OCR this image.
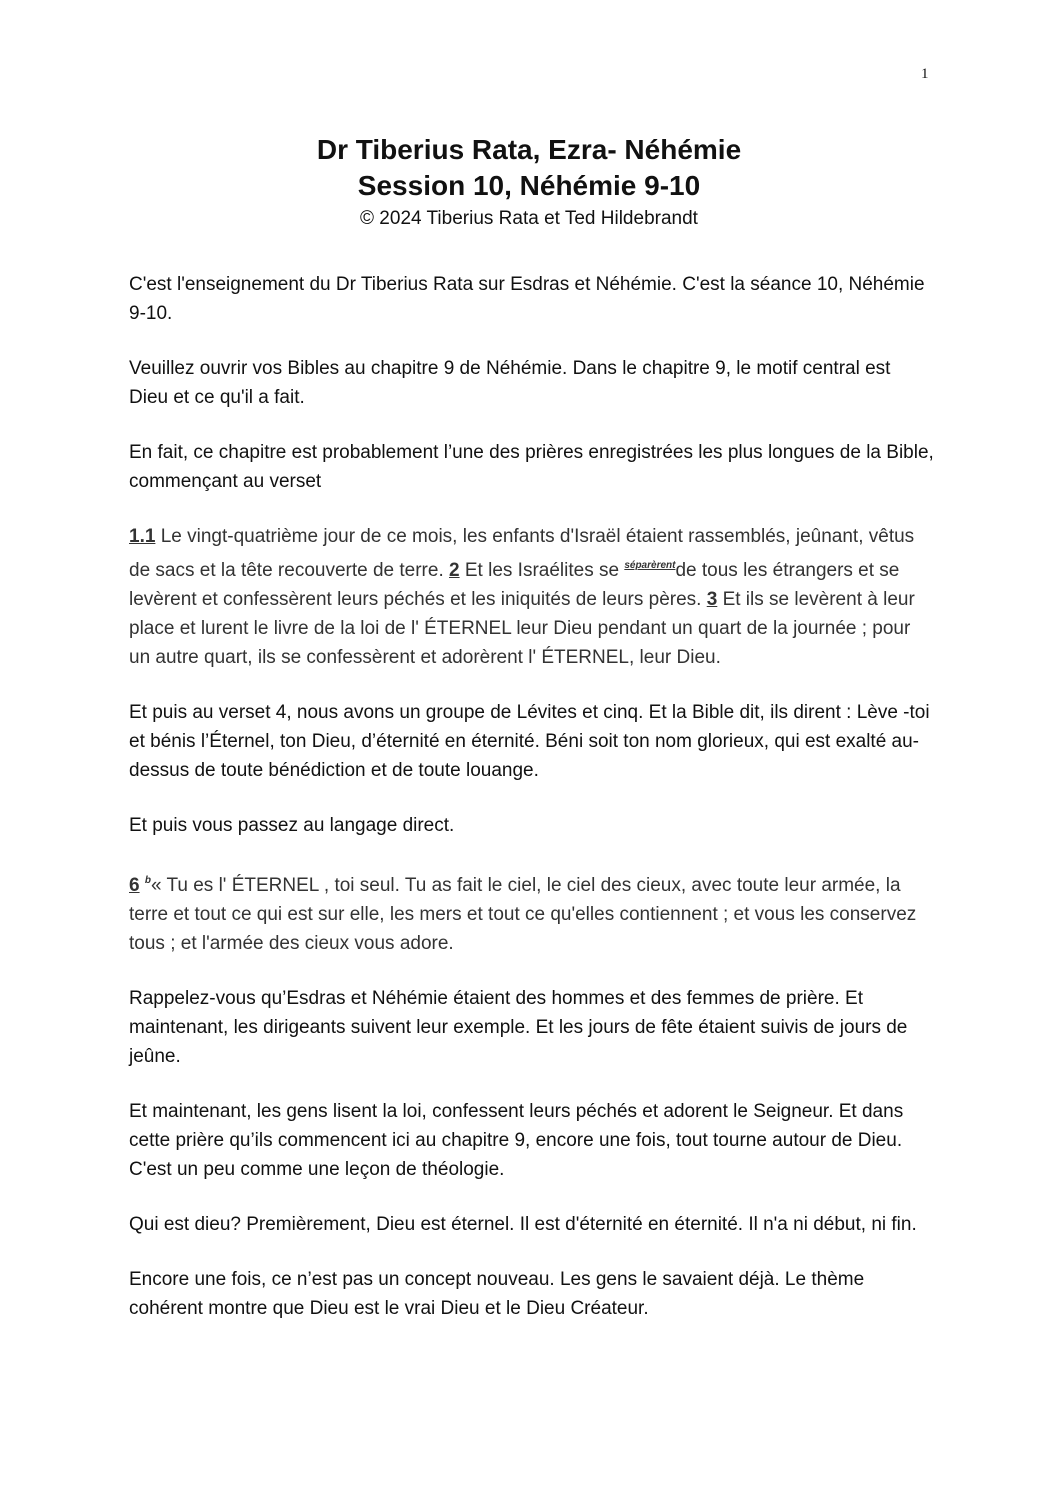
1

Dr Tiberius Rata, Ezra- Néhémie

Session 10, Néhémie 9-10

© 2024 Tiberius Rata et Ted Hildebrandt

C'est l'enseignement du Dr Tiberius Rata sur Esdras et Néhémie. C'est la séance 10, Néhémie 9-10.

Veuillez ouvrir vos Bibles au chapitre 9 de Néhémie. Dans le chapitre 9, le motif central est Dieu et ce qu'il a fait.

En fait, ce chapitre est probablement l’une des prières enregistrées les plus longues de la Bible, commençant au verset

1.1 Le vingt-quatrième jour de ce mois, les enfants d'Israël étaient rassemblés, jeûnant, vêtus de sacs et la tête recouverte de terre. 2 Et les Israélites se $^{séparèrent}$de tous les étrangers et se levèrent et confessèrent leurs péchés et les iniquités de leurs pères. 3 Et ils se levèrent à leur place et lurent le livre de la loi de l' ÉTERNEL leur Dieu pendant un quart de la journée ; pour un autre quart, ils se confessèrent et adorèrent l' ÉTERNEL, leur Dieu.

Et puis au verset 4, nous avons un groupe de Lévites et cinq. Et la Bible dit, ils dirent : Lève -toi et bénis l’Éternel, ton Dieu, d’éternité en éternité. Béni soit ton nom glorieux, qui est exalté au-dessus de toute bénédiction et de toute louange.

Et puis vous passez au langage direct.

6 $^b$« Tu es l' ÉTERNEL , toi seul. Tu as fait le ciel, le ciel des cieux, avec toute leur armée, la terre et tout ce qui est sur elle, les mers et tout ce qu'elles contiennent ; et vous les conservez tous ; et l'armée des cieux vous adore.

Rappelez-vous qu’Esdras et Néhémie étaient des hommes et des femmes de prière. Et maintenant, les dirigeants suivent leur exemple. Et les jours de fête étaient suivis de jours de jeûne.

Et maintenant, les gens lisent la loi, confessent leurs péchés et adorent le Seigneur. Et dans cette prière qu’ils commencent ici au chapitre 9, encore une fois, tout tourne autour de Dieu. C'est un peu comme une leçon de théologie.

Qui est dieu? Premièrement, Dieu est éternel. Il est d'éternité en éternité. Il n'a ni début, ni fin.

Encore une fois, ce n’est pas un concept nouveau. Les gens le savaient déjà. Le thème cohérent montre que Dieu est le vrai Dieu et le Dieu Créateur.
